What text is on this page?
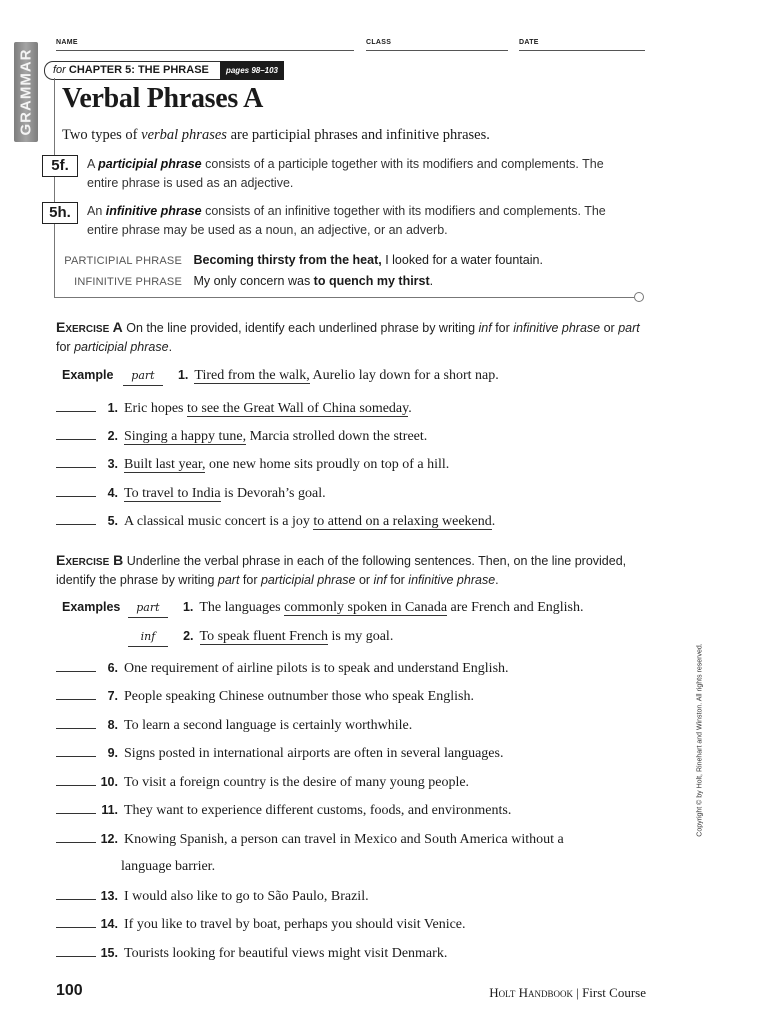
NAME	CLASS	DATE
GRAMMAR	for CHAPTER 5: THE PHRASE	pages 98–103
Verbal Phrases A
Two types of verbal phrases are participial phrases and infinitive phrases.
5f.	A participial phrase consists of a participle together with its modifiers and complements. The entire phrase is used as an adjective.
5h.	An infinitive phrase consists of an infinitive together with its modifiers and complements. The entire phrase may be used as a noun, an adjective, or an adverb.
PARTICIPIAL PHRASE Becoming thirsty from the heat, I looked for a water fountain.
INFINITIVE PHRASE My only concern was to quench my thirst.
Exercise A On the line provided, identify each underlined phrase by writing inf for infinitive phrase or part for participial phrase.
Example part 1. Tired from the walk, Aurelio lay down for a short nap.
1. Eric hopes to see the Great Wall of China someday.
2. Singing a happy tune, Marcia strolled down the street.
3. Built last year, one new home sits proudly on top of a hill.
4. To travel to India is Devorah’s goal.
5. A classical music concert is a joy to attend on a relaxing weekend.
Exercise B Underline the verbal phrase in each of the following sentences. Then, on the line provided, identify the phrase by writing part for participial phrase or inf for infinitive phrase.
Examples part 1. The languages commonly spoken in Canada are French and English.
inf 2. To speak fluent French is my goal.
6. One requirement of airline pilots is to speak and understand English.
7. People speaking Chinese outnumber those who speak English.
8. To learn a second language is certainly worthwhile.
9. Signs posted in international airports are often in several languages.
10. To visit a foreign country is the desire of many young people.
11. They want to experience different customs, foods, and environments.
12. Knowing Spanish, a person can travel in Mexico and South America without a
language barrier.
13. I would also like to go to São Paulo, Brazil.
14. If you like to travel by boat, perhaps you should visit Venice.
15. Tourists looking for beautiful views might visit Denmark.
Copyright © by Holt, Rinehart and Winston. All rights reserved.
100	Holt Handbook | First Course
